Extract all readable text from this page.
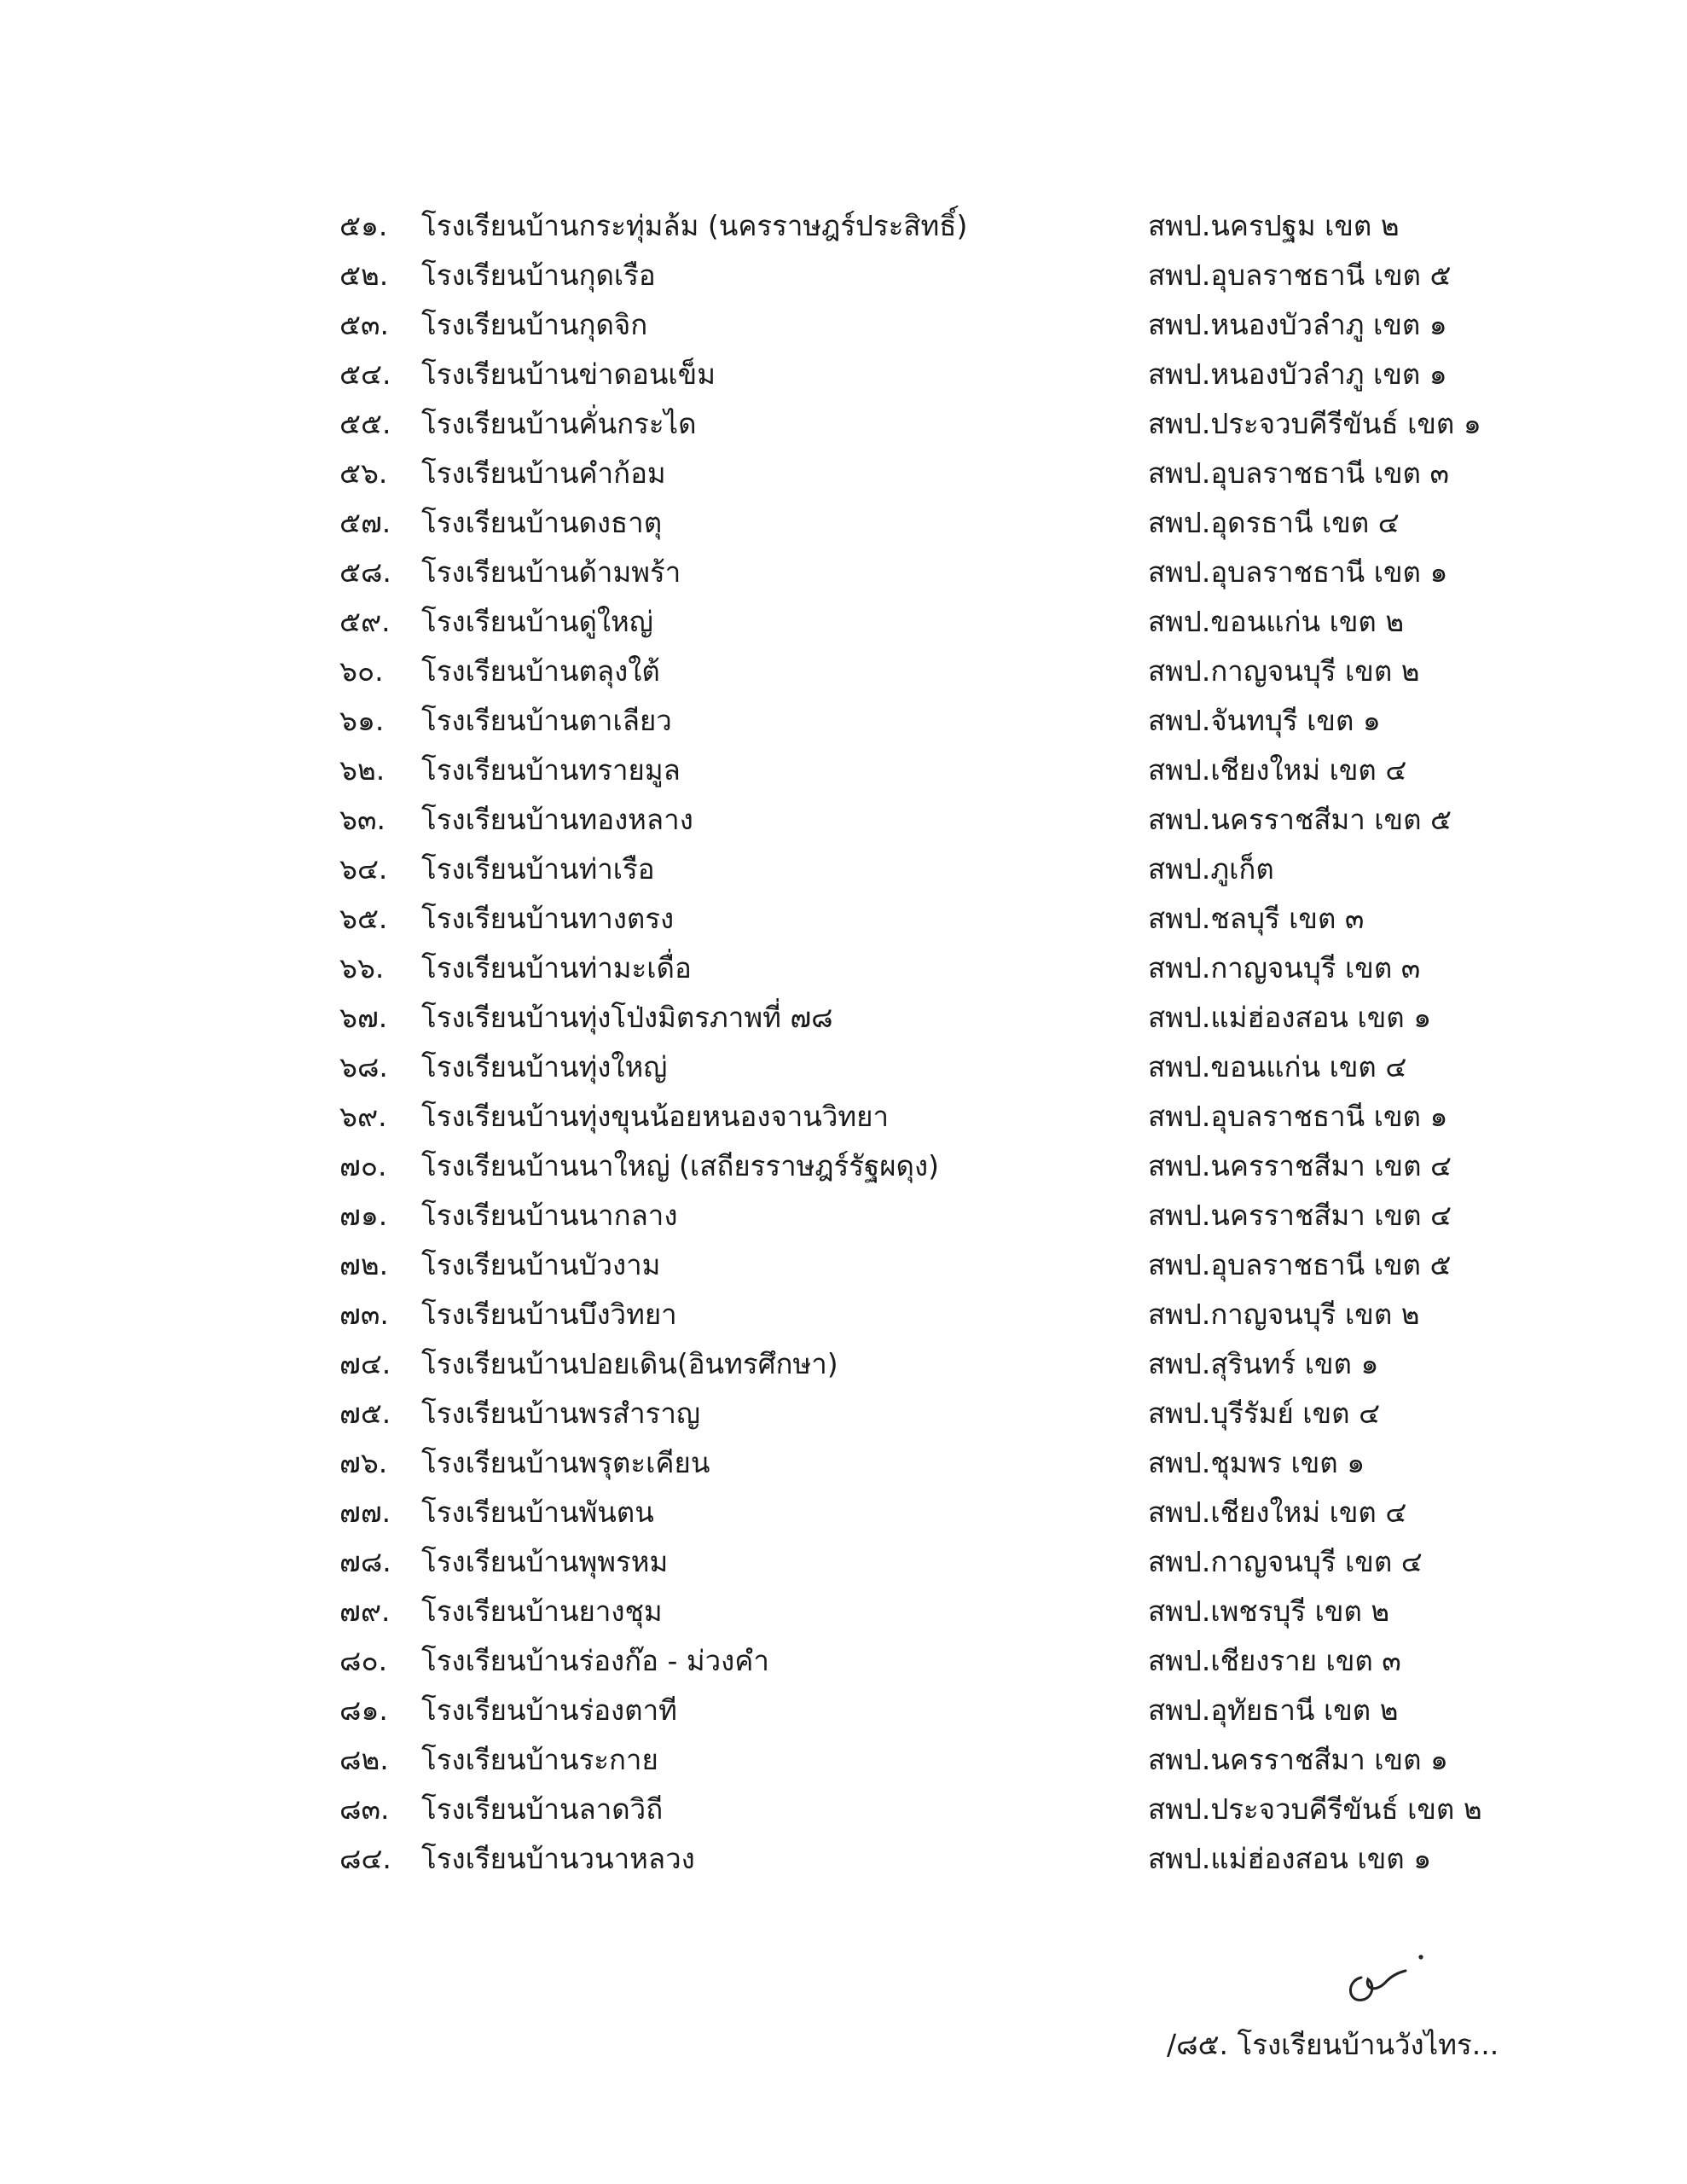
๕๑.	โรงเรียนบ้านกระทุ่มล้ม (นครราษฎร์ประสิทธิ์)	สพป.นครปฐม เขต ๒
๕๒.	โรงเรียนบ้านกุดเรือ	สพป.อุบลราชธานี เขต ๕
๕๓.	โรงเรียนบ้านกุดจิก	สพป.หนองบัวลำภู เขต ๑
๕๔.	โรงเรียนบ้านข่าดอนเข็ม	สพป.หนองบัวลำภู เขต ๑
๕๕.	โรงเรียนบ้านคั่นกระได	สพป.ประจวบคีรีขันธ์ เขต ๑
๕๖.	โรงเรียนบ้านคำก้อม	สพป.อุบลราชธานี เขต ๓
๕๗.	โรงเรียนบ้านดงธาตุ	สพป.อุดรธานี เขต ๔
๕๘.	โรงเรียนบ้านด้ามพร้า	สพป.อุบลราชธานี เขต ๑
๕๙.	โรงเรียนบ้านดู่ใหญ่	สพป.ขอนแก่น เขต ๒
๖๐.	โรงเรียนบ้านตลุงใต้	สพป.กาญจนบุรี เขต ๒
๖๑.	โรงเรียนบ้านตาเลียว	สพป.จันทบุรี เขต ๑
๖๒.	โรงเรียนบ้านทรายมูล	สพป.เชียงใหม่ เขต ๔
๖๓.	โรงเรียนบ้านทองหลาง	สพป.นครราชสีมา เขต ๕
๖๔.	โรงเรียนบ้านท่าเรือ	สพป.ภูเก็ต
๖๕.	โรงเรียนบ้านทางตรง	สพป.ชลบุรี เขต ๓
๖๖.	โรงเรียนบ้านท่ามะเดื่อ	สพป.กาญจนบุรี เขต ๓
๖๗.	โรงเรียนบ้านทุ่งโป่งมิตรภาพที่ ๗๘	สพป.แม่ฮ่องสอน เขต ๑
๖๘.	โรงเรียนบ้านทุ่งใหญ่	สพป.ขอนแก่น เขต ๔
๖๙.	โรงเรียนบ้านทุ่งขุนน้อยหนองจานวิทยา	สพป.อุบลราชธานี เขต ๑
๗๐.	โรงเรียนบ้านนาใหญ่ (เสถียรราษฎร์รัฐผดุง)	สพป.นครราชสีมา เขต ๔
๗๑.	โรงเรียนบ้านนากลาง	สพป.นครราชสีมา เขต ๔
๗๒.	โรงเรียนบ้านบัวงาม	สพป.อุบลราชธานี เขต ๕
๗๓.	โรงเรียนบ้านบึงวิทยา	สพป.กาญจนบุรี เขต ๒
๗๔.	โรงเรียนบ้านปอยเดิน(อินทรศึกษา)	สพป.สุรินทร์ เขต ๑
๗๕.	โรงเรียนบ้านพรสำราญ	สพป.บุรีรัมย์ เขต ๔
๗๖.	โรงเรียนบ้านพรุตะเคียน	สพป.ชุมพร เขต ๑
๗๗.	โรงเรียนบ้านพันตน	สพป.เชียงใหม่ เขต ๔
๗๘.	โรงเรียนบ้านพุพรหม	สพป.กาญจนบุรี เขต ๔
๗๙.	โรงเรียนบ้านยางชุม	สพป.เพชรบุรี เขต ๒
๘๐.	โรงเรียนบ้านร่องก๊อ - ม่วงคำ	สพป.เชียงราย เขต ๓
๘๑.	โรงเรียนบ้านร่องตาที	สพป.อุทัยธานี เขต ๒
๘๒.	โรงเรียนบ้านระกาย	สพป.นครราชสีมา เขต ๑
๘๓.	โรงเรียนบ้านลาดวิถี	สพป.ประจวบคีรีขันธ์ เขต ๒
๘๔.	โรงเรียนบ้านวนาหลวง	สพป.แม่ฮ่องสอน เขต ๑
/๘๕. โรงเรียนบ้านวังไทร...
